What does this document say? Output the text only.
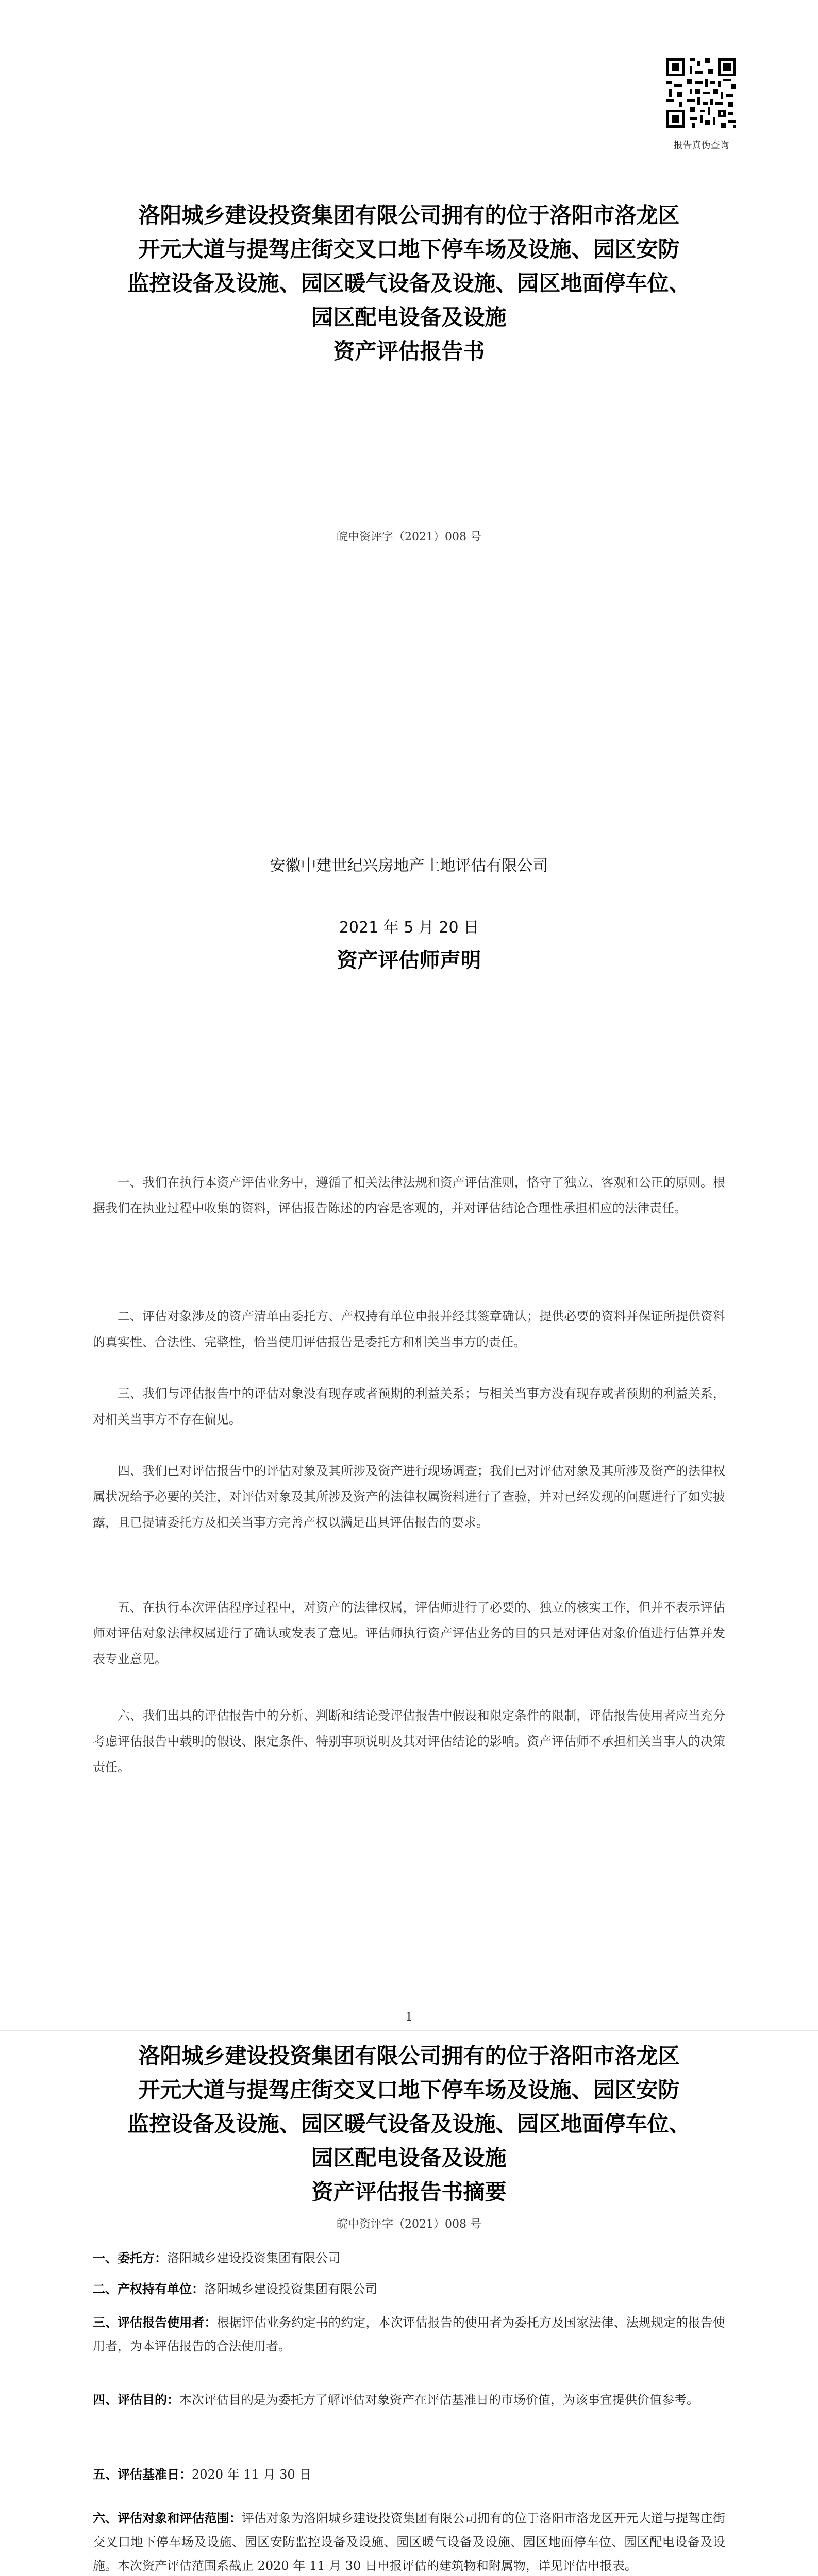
报告真伪查询
洛阳城乡建设投资集团有限公司拥有的位于洛阳市洛龙区
开元大道与提驾庄街交叉口地下停车场及设施、园区安防
监控设备及设施、园区暖气设备及设施、园区地面停车位、
园区配电设备及设施
资产评估报告书
皖中资评字（2021）008 号
安徽中建世纪兴房地产土地评估有限公司
2021 年 5 月 20 日
资产评估师声明
一、我们在执行本资产评估业务中，遵循了相关法律法规和资产评估准则，恪守了独立、客观和公正的原则。根据我们在执业过程中收集的资料，评估报告陈述的内容是客观的，并对评估结论合理性承担相应的法律责任。
二、评估对象涉及的资产清单由委托方、产权持有单位申报并经其签章确认；提供必要的资料并保证所提供资料的真实性、合法性、完整性，恰当使用评估报告是委托方和相关当事方的责任。
三、我们与评估报告中的评估对象没有现存或者预期的利益关系；与相关当事方没有现存或者预期的利益关系，对相关当事方不存在偏见。
四、我们已对评估报告中的评估对象及其所涉及资产进行现场调查；我们已对评估对象及其所涉及资产的法律权属状况给予必要的关注，对评估对象及其所涉及资产的法律权属资料进行了查验，并对已经发现的问题进行了如实披露，且已提请委托方及相关当事方完善产权以满足出具评估报告的要求。
五、在执行本次评估程序过程中，对资产的法律权属，评估师进行了必要的、独立的核实工作，但并不表示评估师对评估对象法律权属进行了确认或发表了意见。评估师执行资产评估业务的目的只是对评估对象价值进行估算并发表专业意见。
六、我们出具的评估报告中的分析、判断和结论受评估报告中假设和限定条件的限制，评估报告使用者应当充分考虑评估报告中载明的假设、限定条件、特别事项说明及其对评估结论的影响。资产评估师不承担相关当事人的决策责任。
1
洛阳城乡建设投资集团有限公司拥有的位于洛阳市洛龙区
开元大道与提驾庄街交叉口地下停车场及设施、园区安防
监控设备及设施、园区暖气设备及设施、园区地面停车位、
园区配电设备及设施
资产评估报告书摘要
皖中资评字（2021）008 号
一、委托方：洛阳城乡建设投资集团有限公司
二、产权持有单位：洛阳城乡建设投资集团有限公司
三、评估报告使用者：根据评估业务约定书的约定，本次评估报告的使用者为委托方及国家法律、法规规定的报告使用者，为本评估报告的合法使用者。
四、评估目的：本次评估目的是为委托方了解评估对象资产在评估基准日的市场价值，为该事宜提供价值参考。
五、评估基准日：2020 年 11 月 30 日
六、评估对象和评估范围：评估对象为洛阳城乡建设投资集团有限公司拥有的位于洛阳市洛龙区开元大道与提驾庄街交叉口地下停车场及设施、园区安防监控设备及设施、园区暖气设备及设施、园区地面停车位、园区配电设备及设施。本次资产评估范围系截止 2020 年 11 月 30 日申报评估的建筑物和附属物，详见评估申报表。
